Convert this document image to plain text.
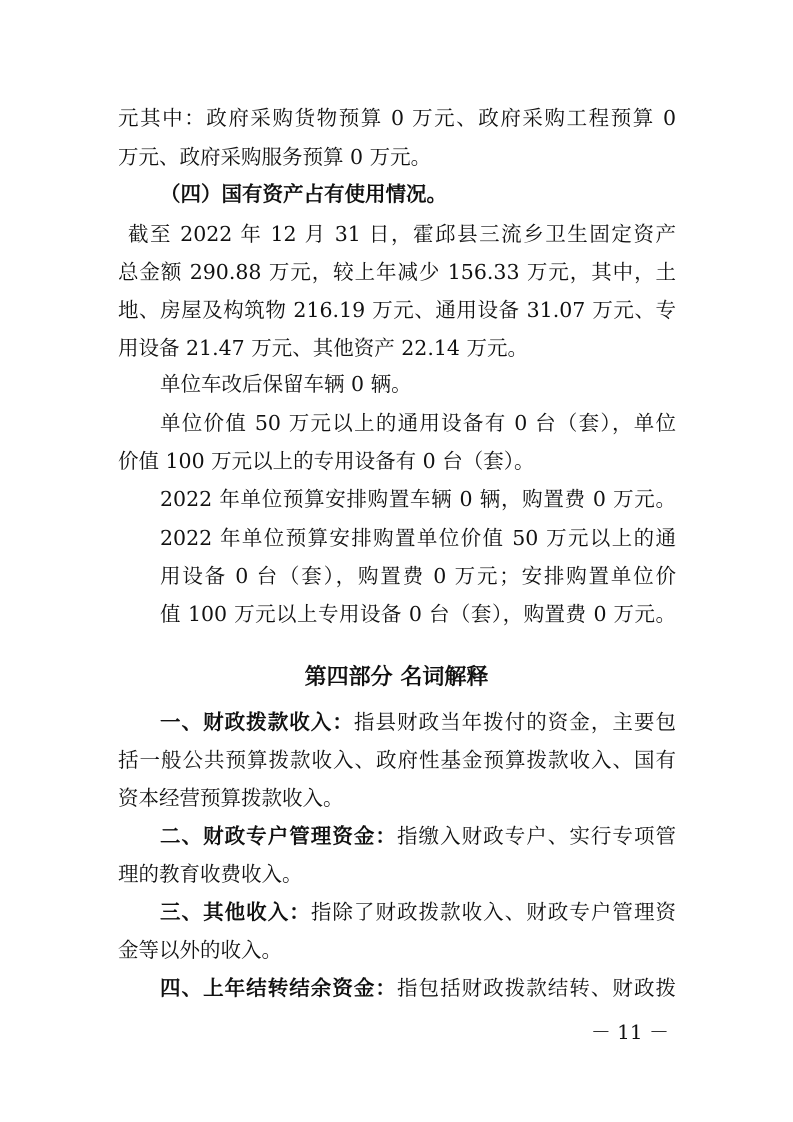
元其中：政府采购货物预算 0 万元、政府采购工程预算 0
万元、政府采购服务预算 0 万元。
（四）国有资产占有使用情况。
截至 2022 年 12 月 31 日，霍邱县三流乡卫生固定资产
总金额 290.88 万元，较上年减少 156.33 万元，其中，土
地、房屋及构筑物 216.19 万元、通用设备 31.07 万元、专
用设备 21.47 万元、其他资产 22.14 万元。
单位车改后保留车辆 0 辆。
单位价值 50 万元以上的通用设备有 0 台（套），单位
价值 100 万元以上的专用设备有 0 台（套）。
2022 年单位预算安排购置车辆 0 辆，购置费 0 万元。
2022 年单位预算安排购置单位价值 50 万元以上的通
用设备 0 台（套），购置费 0 万元；安排购置单位价
值 100 万元以上专用设备 0 台（套），购置费 0 万元。
第四部分 名词解释
一、财政拨款收入：指县财政当年拨付的资金，主要包
括一般公共预算拨款收入、政府性基金预算拨款收入、国有
资本经营预算拨款收入。
二、财政专户管理资金：指缴入财政专户、实行专项管
理的教育收费收入。
三、其他收入：指除了财政拨款收入、财政专户管理资
金等以外的收入。
四、上年结转结余资金：指包括财政拨款结转、财政拨
－ 11 －
